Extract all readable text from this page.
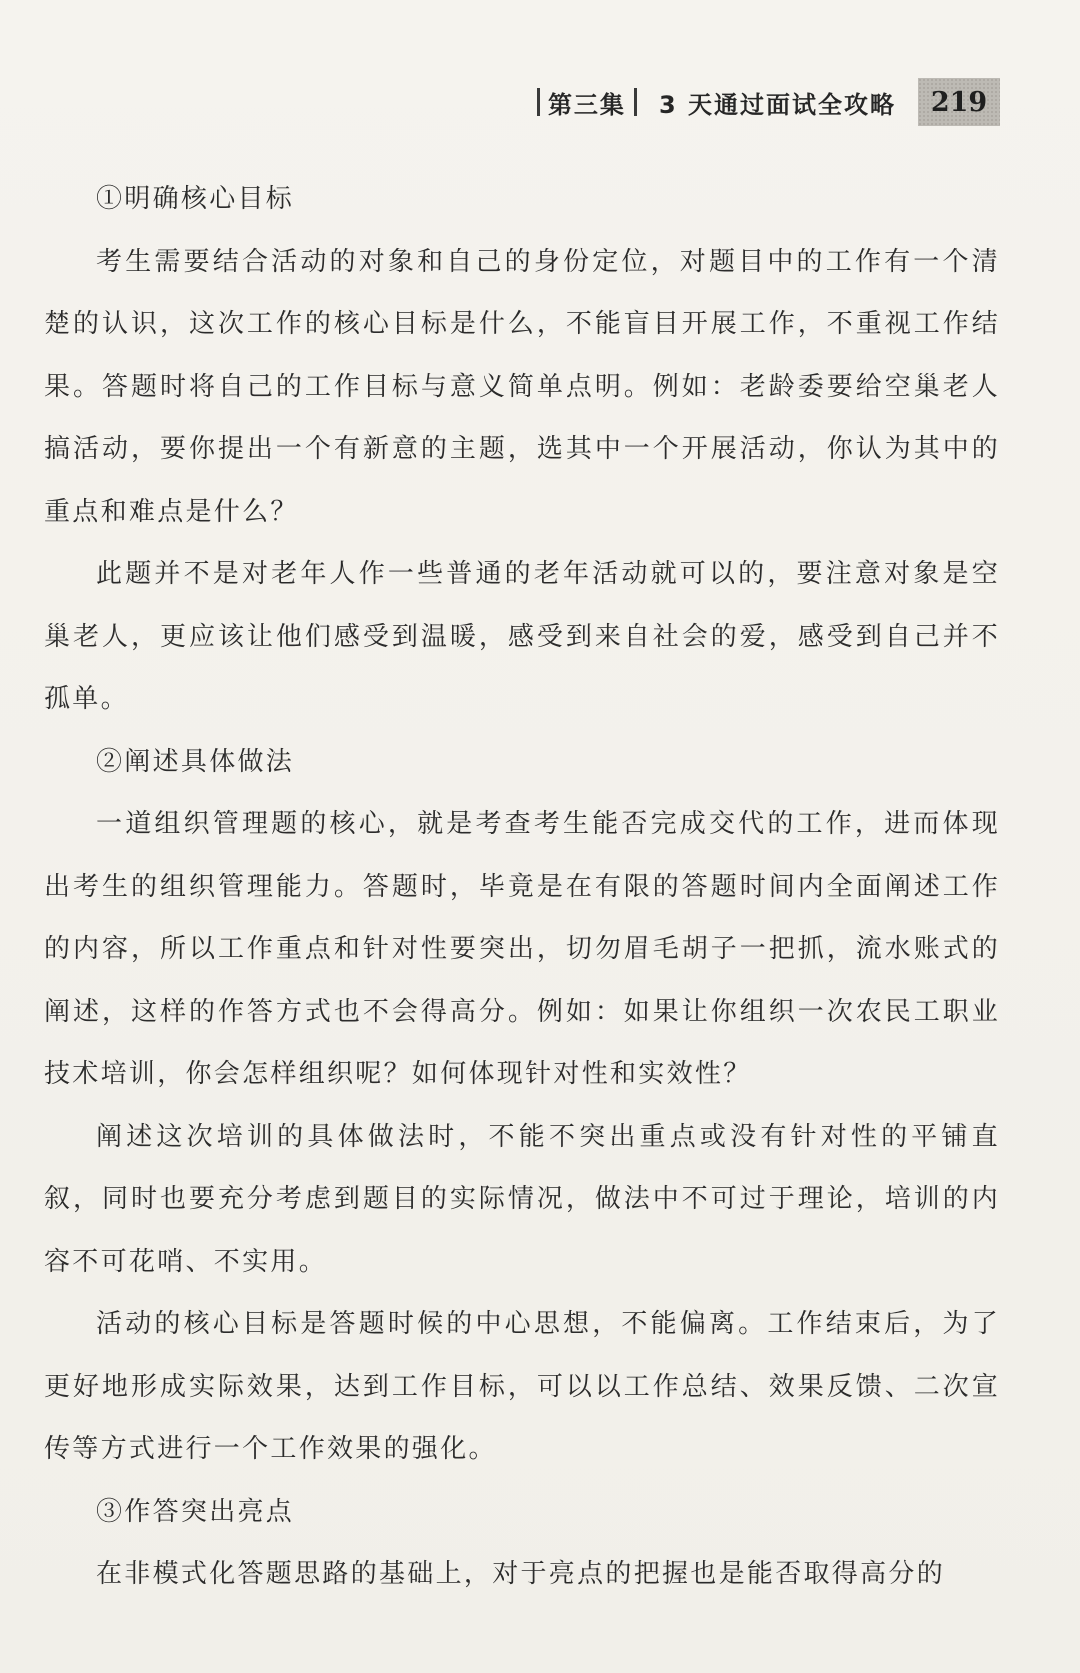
第三集 3 天通过面试全攻略 219

①明确核心目标

考生需要结合活动的对象和自己的身份定位，对题目中的工作有一个清楚的认识，这次工作的核心目标是什么，不能盲目开展工作，不重视工作结果。答题时将自己的工作目标与意义简单点明。例如：老龄委要给空巢老人搞活动，要你提出一个有新意的主题，选其中一个开展活动，你认为其中的重点和难点是什么？

此题并不是对老年人作一些普通的老年活动就可以的，要注意对象是空巢老人，更应该让他们感受到温暖，感受到来自社会的爱，感受到自己并不孤单。

②阐述具体做法

一道组织管理题的核心，就是考查考生能否完成交代的工作，进而体现出考生的组织管理能力。答题时，毕竟是在有限的答题时间内全面阐述工作的内容，所以工作重点和针对性要突出，切勿眉毛胡子一把抓，流水账式的阐述，这样的作答方式也不会得高分。例如：如果让你组织一次农民工职业技术培训，你会怎样组织呢？如何体现针对性和实效性？

阐述这次培训的具体做法时，不能不突出重点或没有针对性的平铺直叙，同时也要充分考虑到题目的实际情况，做法中不可过于理论，培训的内容不可花哨、不实用。

活动的核心目标是答题时候的中心思想，不能偏离。工作结束后，为了更好地形成实际效果，达到工作目标，可以以工作总结、效果反馈、二次宣传等方式进行一个工作效果的强化。

③作答突出亮点

在非模式化答题思路的基础上，对于亮点的把握也是能否取得高分的
